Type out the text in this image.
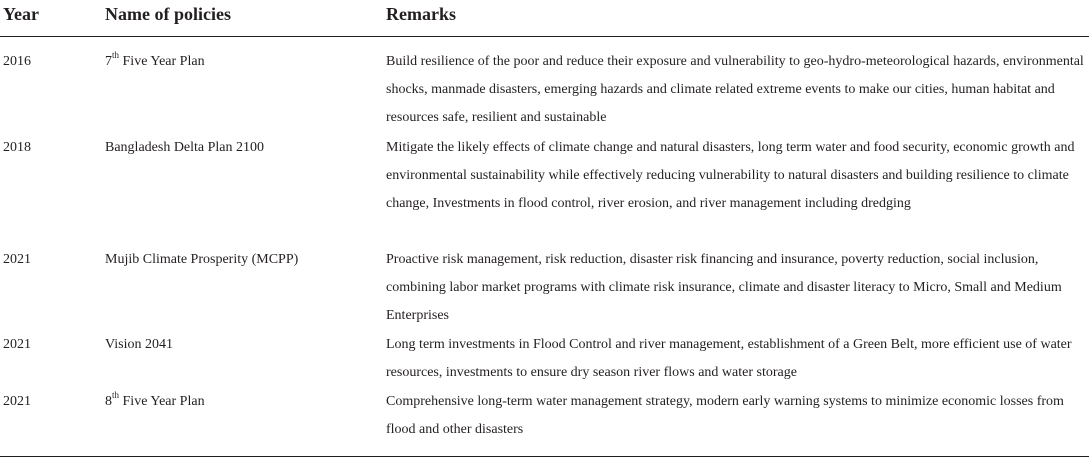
Year	Name of policies	Remarks
2016	7th Five Year Plan	Build resilience of the poor and reduce their exposure and vulnerability to geo-hydro-meteorological hazards, environmental shocks, manmade disasters, emerging hazards and climate related extreme events to make our cities, human habitat and resources safe, resilient and sustainable
2018	Bangladesh Delta Plan 2100	Mitigate the likely effects of climate change and natural disasters, long term water and food security, economic growth and environmental sustainability while effectively reducing vulnerability to natural disasters and building resilience to climate change, Investments in flood control, river erosion, and river management including dredging
2021	Mujib Climate Prosperity (MCPP)	Proactive risk management, risk reduction, disaster risk financing and insurance, poverty reduction, social inclusion, combining labor market programs with climate risk insurance, climate and disaster literacy to Micro, Small and Medium Enterprises
2021	Vision 2041	Long term investments in Flood Control and river management, establishment of a Green Belt, more efficient use of water resources, investments to ensure dry season river flows and water storage
2021	8th Five Year Plan	Comprehensive long-term water management strategy, modern early warning systems to minimize economic losses from flood and other disasters
